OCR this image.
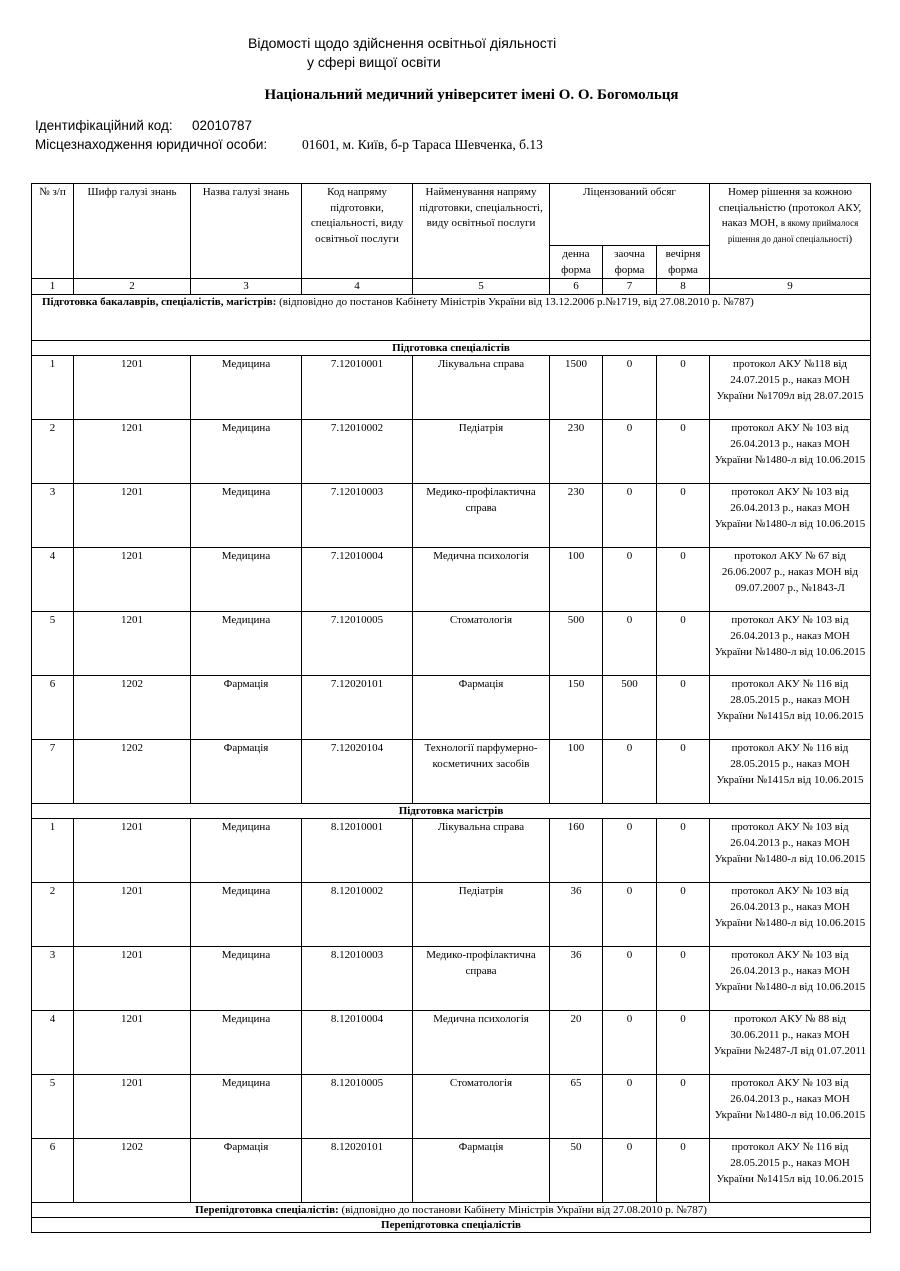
Відомості щодо здійснення освітньої діяльності
у сфері вищої освіти
Національний медичний університет імені О. О. Богомольця
Ідентифікаційний код: 02010787
Місцезнаходження юридичної особи:	01601, м. Київ, б-р Тараса Шевченка, б.13
№ з/п	Шифр галузі знань	Назва галузі знань	Код напряму підготовки, спеціальності, виду освітньої послуги	Найменування напряму підготовки, спеціальності, виду освітньої послуги	Ліцензований обсяг			Номер рішення за кожною спеціальністю (протокол АКУ, наказ МОН, в якому приймалося рішення до даної спеціальності)
					денна форма	заочна форма	вечірня форма	
1	2	3	4	5	6	7	8	9
Підготовка бакалаврів, спеціалістів, магістрів: (відповідно до постанов Кабінету Міністрів України від 13.12.2006 р.№1719, від 27.08.2010 р. №787)								
Підготовка спеціалістів								
1	1201	Медицина	7.12010001	Лікувальна справа	1500	0	0	протокол АКУ №118 від 24.07.2015 р., наказ МОН України №1709л від 28.07.2015
2	1201	Медицина	7.12010002	Педіатрія	230	0	0	протокол АКУ № 103 від 26.04.2013 р., наказ МОН України №1480-л від 10.06.2015
3	1201	Медицина	7.12010003	Медико-профілактична справа	230	0	0	протокол АКУ № 103 від 26.04.2013 р., наказ МОН України №1480-л від 10.06.2015
4	1201	Медицина	7.12010004	Медична психологія	100	0	0	протокол АКУ № 67 від 26.06.2007 р., наказ МОН від 09.07.2007 р., №1843-Л
5	1201	Медицина	7.12010005	Стоматологія	500	0	0	протокол АКУ № 103 від 26.04.2013 р., наказ МОН України №1480-л від 10.06.2015
6	1202	Фармація	7.12020101	Фармація	150	500	0	протокол АКУ № 116 від 28.05.2015 р., наказ МОН України №1415л від 10.06.2015
7	1202	Фармація	7.12020104	Технології парфумерно-косметичних засобів	100	0	0	протокол АКУ № 116 від 28.05.2015 р., наказ МОН України №1415л від 10.06.2015
Підготовка магістрів								
1	1201	Медицина	8.12010001	Лікувальна справа	160	0	0	протокол АКУ № 103 від 26.04.2013 р., наказ МОН України №1480-л від 10.06.2015
2	1201	Медицина	8.12010002	Педіатрія	36	0	0	протокол АКУ № 103 від 26.04.2013 р., наказ МОН України №1480-л від 10.06.2015
3	1201	Медицина	8.12010003	Медико-профілактична справа	36	0	0	протокол АКУ № 103 від 26.04.2013 р., наказ МОН України №1480-л від 10.06.2015
4	1201	Медицина	8.12010004	Медична психологія	20	0	0	протокол АКУ № 88 від 30.06.2011 р., наказ МОН України №2487-Л від 01.07.2011
5	1201	Медицина	8.12010005	Стоматологія	65	0	0	протокол АКУ № 103 від 26.04.2013 р., наказ МОН України №1480-л від 10.06.2015
6	1202	Фармація	8.12020101	Фармація	50	0	0	протокол АКУ № 116 від 28.05.2015 р., наказ МОН України №1415л від 10.06.2015
Перепідготовка спеціалістів: (відповідно до постанови Кабінету Міністрів України від 27.08.2010 р. №787)								
Перепідготовка спеціалістів								
